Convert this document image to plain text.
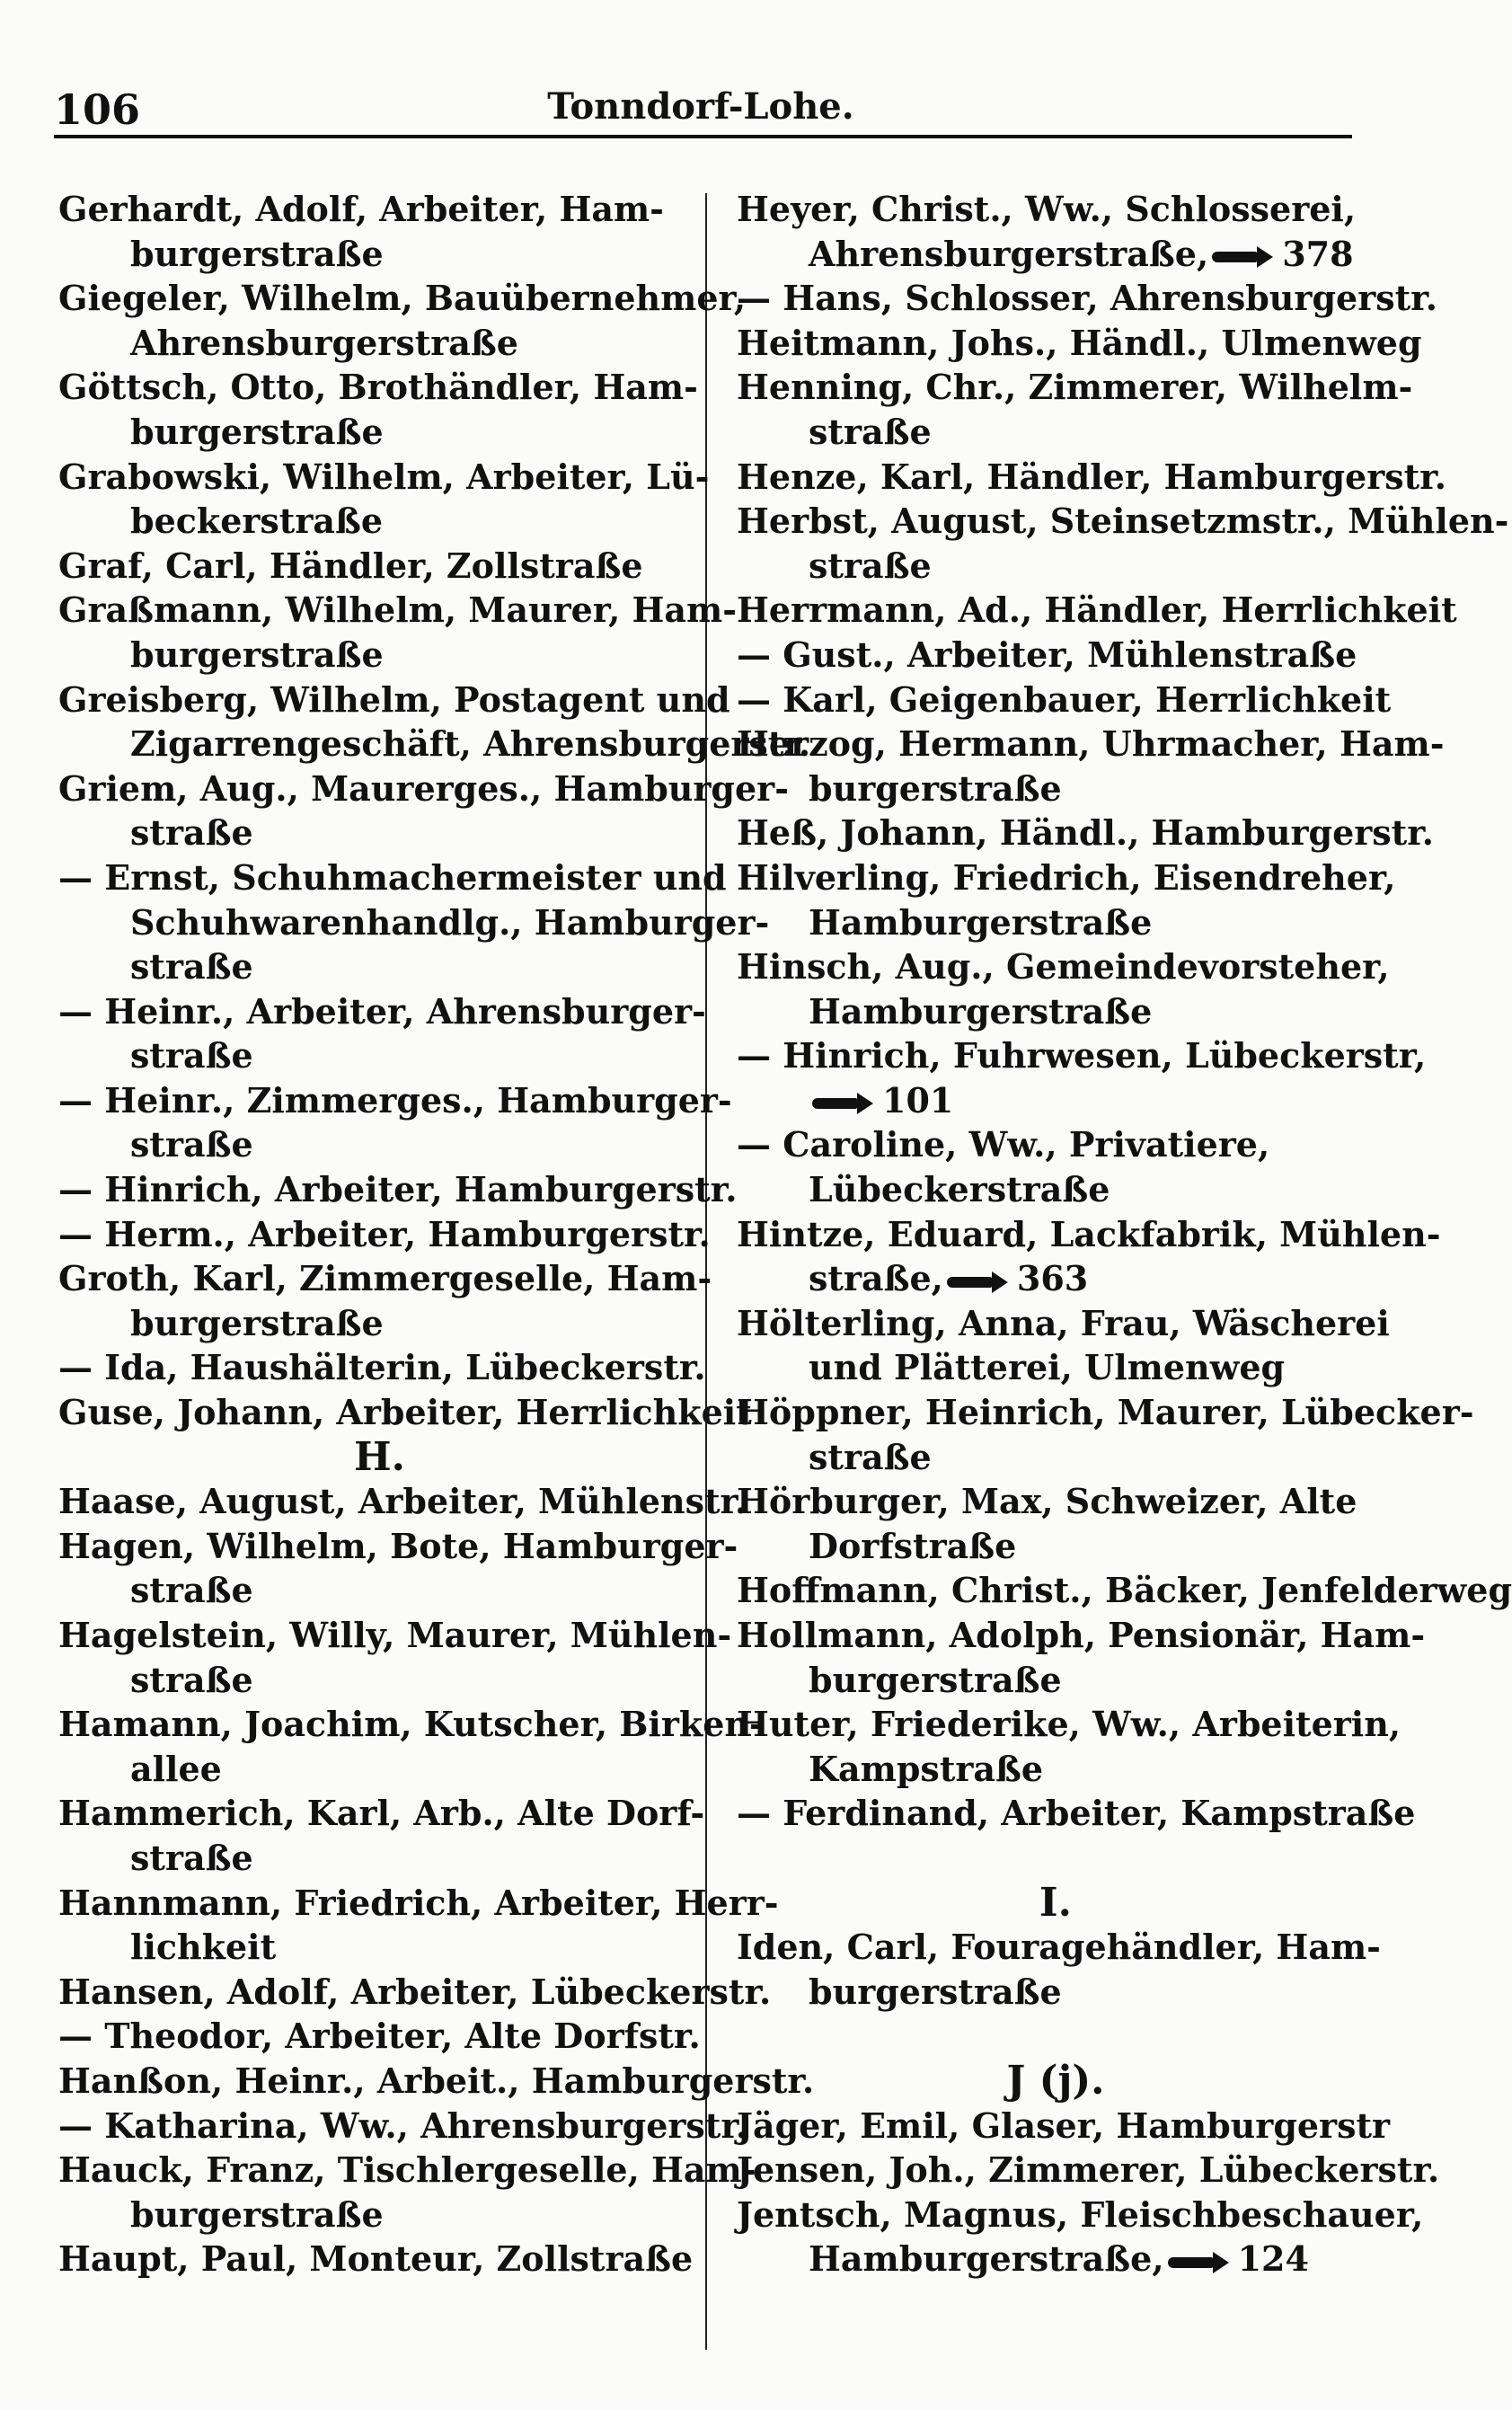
Tonndorf-Lohe.
106
Gerhardt, Adolf, Arbeiter, Ham-
burgerstraße
Giegeler, Wilhelm, Bauübernehmer,
Ahrensburgerstraße
Göttsch, Otto, Brothändler, Ham-
burgerstraße
Grabowski, Wilhelm, Arbeiter, Lü-
beckerstraße
Graf, Carl, Händler, Zollstraße
Graßmann, Wilhelm, Maurer, Ham-
burgerstraße
Greisberg, Wilhelm, Postagent und
Zigarrengeschäft, Ahrensburgerstr.
Griem, Aug., Maurerges., Hamburger-
straße
— Ernst, Schuhmachermeister und
Schuhwarenhandlg., Hamburger-
straße
— Heinr., Arbeiter, Ahrensburger-
straße
— Heinr., Zimmerges., Hamburger-
straße
— Hinrich, Arbeiter, Hamburgerstr.
— Herm., Arbeiter, Hamburgerstr.
Groth, Karl, Zimmergeselle, Ham-
burgerstraße
— Ida, Haushälterin, Lübeckerstr.
Guse, Johann, Arbeiter, Herrlichkeit
H.
Haase, August, Arbeiter, Mühlenstr.
Hagen, Wilhelm, Bote, Hamburger-
straße
Hagelstein, Willy, Maurer, Mühlen-
straße
Hamann, Joachim, Kutscher, Birken-
allee
Hammerich, Karl, Arb., Alte Dorf-
straße
Hannmann, Friedrich, Arbeiter, Herr-
lichkeit
Hansen, Adolf, Arbeiter, Lübeckerstr.
— Theodor, Arbeiter, Alte Dorfstr.
Hanßon, Heinr., Arbeit., Hamburgerstr.
— Katharina, Ww., Ahrensburgerstr.
Hauck, Franz, Tischlergeselle, Ham-
burgerstraße
Haupt, Paul, Monteur, Zollstraße
Heyer, Christ., Ww., Schlosserei,
Ahrensburgerstraße, 378
— Hans, Schlosser, Ahrensburgerstr.
Heitmann, Johs., Händl., Ulmenweg
Henning, Chr., Zimmerer, Wilhelm-
straße
Henze, Karl, Händler, Hamburgerstr.
Herbst, August, Steinsetzmstr., Mühlen-
straße
Herrmann, Ad., Händler, Herrlichkeit
— Gust., Arbeiter, Mühlenstraße
— Karl, Geigenbauer, Herrlichkeit
Herzog, Hermann, Uhrmacher, Ham-
burgerstraße
Heß, Johann, Händl., Hamburgerstr.
Hilverling, Friedrich, Eisendreher,
Hamburgerstraße
Hinsch, Aug., Gemeindevorsteher,
Hamburgerstraße
— Hinrich, Fuhrwesen, Lübeckerstr,
101
— Caroline, Ww., Privatiere,
Lübeckerstraße
Hintze, Eduard, Lackfabrik, Mühlen-
straße, 363
Hölterling, Anna, Frau, Wäscherei
und Plätterei, Ulmenweg
Höppner, Heinrich, Maurer, Lübecker-
straße
Hörburger, Max, Schweizer, Alte
Dorfstraße
Hoffmann, Christ., Bäcker, Jenfelderweg
Hollmann, Adolph, Pensionär, Ham-
burgerstraße
Huter, Friederike, Ww., Arbeiterin,
Kampstraße
— Ferdinand, Arbeiter, Kampstraße
I.
Iden, Carl, Fouragehändler, Ham-
burgerstraße
J (j).
Jäger, Emil, Glaser, Hamburgerstr
Jensen, Joh., Zimmerer, Lübeckerstr.
Jentsch, Magnus, Fleischbeschauer,
Hamburgerstraße, 124
